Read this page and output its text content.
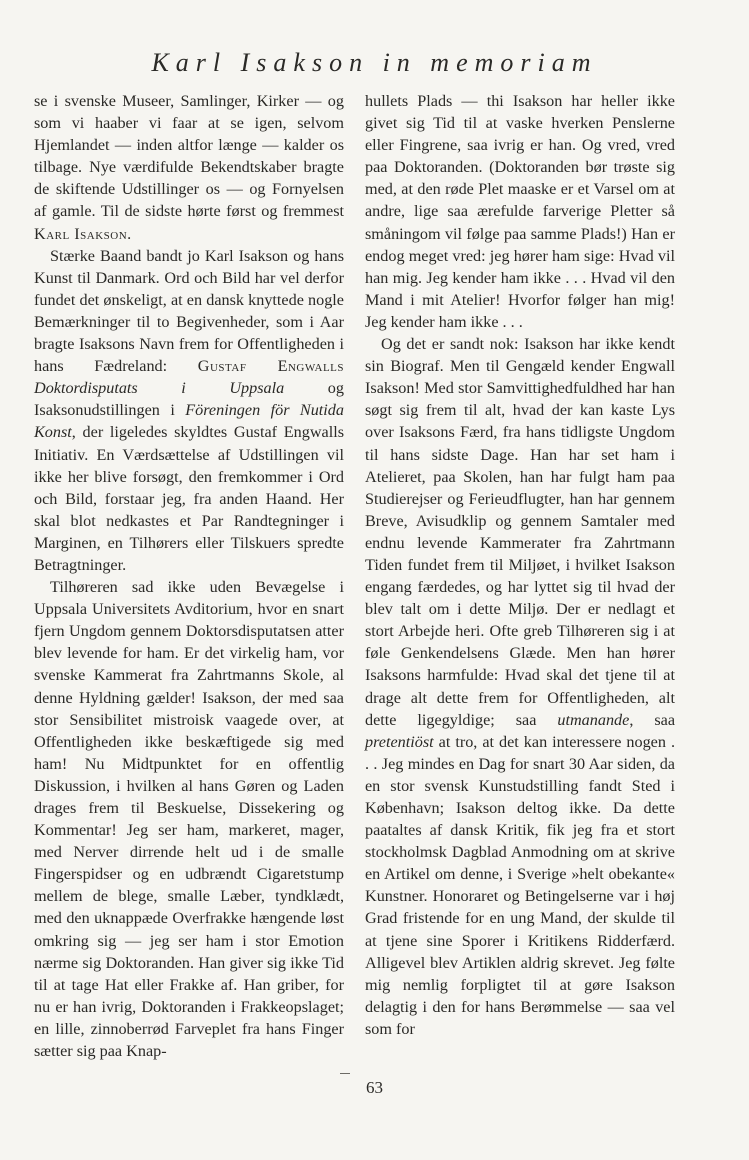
Karl Isakson in memoriam

se i svenske Museer, Samlinger, Kirker — og som vi haaber vi faar at se igen, selvom Hjemlandet — inden altfor længe — kalder os tilbage. Nye værdifulde Bekendtskaber bragte de skiftende Udstillinger os — og Fornyelsen af gamle. Til de sidste hørte først og fremmest Karl Isakson.

Stærke Baand bandt jo Karl Isakson og hans Kunst til Danmark. Ord och Bild har vel derfor fundet det ønskeligt, at en dansk knyttede nogle Bemærkninger til to Begivenheder, som i Aar bragte Isaksons Navn frem for Offentligheden i hans Fædreland: Gustaf Engwalls Doktordisputats i Uppsala og Isaksonudstillingen i Föreningen för Nutida Konst, der ligeledes skyldtes Gustaf Engwalls Initiativ. En Værdsættelse af Udstillingen vil ikke her blive forsøgt, den fremkommer i Ord och Bild, forstaar jeg, fra anden Haand. Her skal blot nedkastes et Par Randtegninger i Marginen, en Tilhørers eller Tilskuers spredte Betragtninger.

Tilhøreren sad ikke uden Bevægelse i Uppsala Universitets Avditorium, hvor en snart fjern Ungdom gennem Doktorsdisputatsen atter blev levende for ham. Er det virkelig ham, vor svenske Kammerat fra Zahrtmanns Skole, al denne Hyldning gælder! Isakson, der med saa stor Sensibilitet mistroisk vaagede over, at Offentligheden ikke beskæftigede sig med ham! Nu Midtpunktet for en offentlig Diskussion, i hvilken al hans Gøren og Laden drages frem til Beskuelse, Dissekering og Kommentar! Jeg ser ham, markeret, mager, med Nerver dirrende helt ud i de smalle Fingerspidser og en udbrændt Cigaretstump mellem de blege, smalle Læber, tyndklædt, med den uknappæde Overfrakke hængende løst omkring sig — jeg ser ham i stor Emotion nærme sig Doktoranden. Han giver sig ikke Tid til at tage Hat eller Frakke af. Han griber, for nu er han ivrig, Doktoranden i Frakkeopslaget; en lille, zinnoberrød Farveplet fra hans Finger sætter sig paa Knap-

hullets Plads — thi Isakson har heller ikke givet sig Tid til at vaske hverken Penslerne eller Fingrene, saa ivrig er han. Og vred, vred paa Doktoranden. (Doktoranden bør trøste sig med, at den røde Plet maaske er et Varsel om at andre, lige saa ærefulde farverige Pletter så småningom vil følge paa samme Plads!) Han er endog meget vred: jeg hører ham sige: Hvad vil han mig. Jeg kender ham ikke . . . Hvad vil den Mand i mit Atelier! Hvorfor følger han mig! Jeg kender ham ikke . . .

Og det er sandt nok: Isakson har ikke kendt sin Biograf. Men til Gengæld kender Engwall Isakson! Med stor Samvittighedfuldhed har han søgt sig frem til alt, hvad der kan kaste Lys over Isaksons Færd, fra hans tidligste Ungdom til hans sidste Dage. Han har set ham i Atelieret, paa Skolen, han har fulgt ham paa Studierejser og Ferieudflugter, han har gennem Breve, Avisudklip og gennem Samtaler med endnu levende Kammerater fra Zahrtmann Tiden fundet frem til Miljøet, i hvilket Isakson engang færdedes, og har lyttet sig til hvad der blev talt om i dette Miljø. Der er nedlagt et stort Arbejde heri. Ofte greb Tilhøreren sig i at føle Genkendelsens Glæde. Men han hører Isaksons harmfulde: Hvad skal det tjene til at drage alt dette frem for Offentligheden, alt dette ligegyldige; saa utmanande, saa pretentiöst at tro, at det kan interessere nogen . . . Jeg mindes en Dag for snart 30 Aar siden, da en stor svensk Kunstudstilling fandt Sted i København; Isakson deltog ikke. Da dette paataltes af dansk Kritik, fik jeg fra et stort stockholmsk Dagblad Anmodning om at skrive en Artikel om denne, i Sverige »helt obekante« Kunstner. Honoraret og Betingelserne var i høj Grad fristende for en ung Mand, der skulde til at tjene sine Sporer i Kritikens Ridderfærd. Alligevel blev Artiklen aldrig skrevet. Jeg følte mig nemlig forpligtet til at gøre Isakson delagtig i den for hans Berømmelse — saa vel som for

63
